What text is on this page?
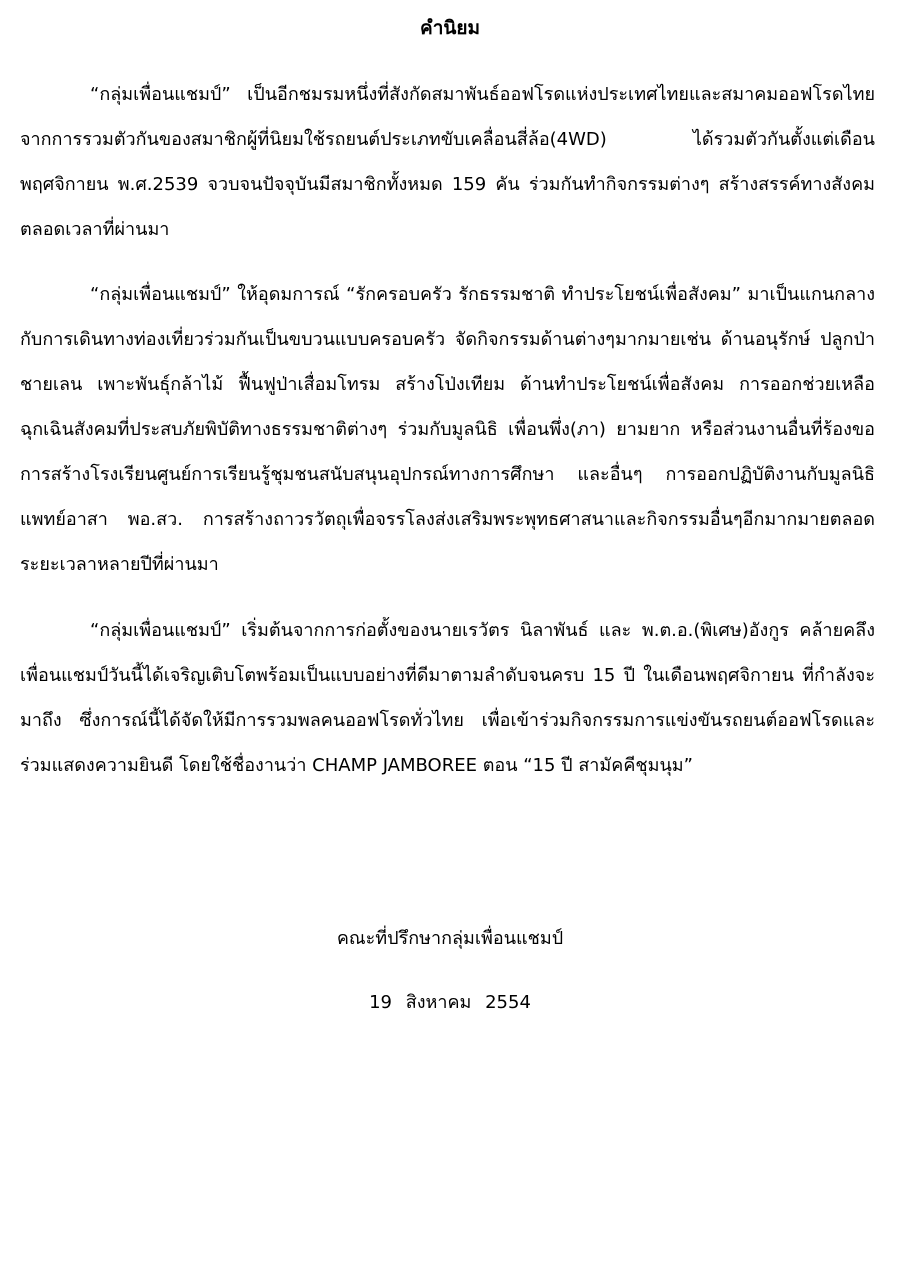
คำนิยม

“กลุ่มเพื่อนแชมป์” เป็นอีกชมรมหนึ่งที่สังกัดสมาพันธ์ออฟโรดแห่งประเทศไทยและสมาคมออฟโรดไทย จากการรวมตัวกันของสมาชิกผู้ที่นิยมใช้รถยนต์ประเภทขับเคลื่อนสี่ล้อ(4WD) ได้รวมตัวกันตั้งแต่เดือนพฤศจิกายน พ.ศ.2539 จวบจนปัจจุบันมีสมาชิกทั้งหมด 159 คัน ร่วมกันทำกิจกรรมต่างๆ สร้างสรรค์ทางสังคมตลอดเวลาที่ผ่านมา

“กลุ่มเพื่อนแชมป์” ให้อุดมการณ์ “รักครอบครัว รักธรรมชาติ ทำประโยชน์เพื่อสังคม” มาเป็นแกนกลาง กับการเดินทางท่องเที่ยวร่วมกันเป็นขบวนแบบครอบครัว จัดกิจกรรมด้านต่างๆมากมายเช่น ด้านอนุรักษ์ ปลูกป่าชายเลน เพาะพันธุ์กล้าไม้ ฟื้นฟูป่าเสื่อมโทรม สร้างโป่งเทียม ด้านทำประโยชน์เพื่อสังคม การออกช่วยเหลือฉุกเฉินสังคมที่ประสบภัยพิบัติทางธรรมชาติต่างๆ ร่วมกับมูลนิธิ เพื่อนพึ่ง(ภา) ยามยาก หรือส่วนงานอื่นที่ร้องขอ การสร้างโรงเรียนศูนย์การเรียนรู้ชุมชนสนับสนุนอุปกรณ์ทางการศึกษา และอื่นๆ การออกปฏิบัติงานกับมูลนิธิแพทย์อาสา พอ.สว. การสร้างถาวรวัตถุเพื่อจรรโลงส่งเสริมพระพุทธศาสนาและกิจกรรมอื่นๆอีกมากมายตลอดระยะเวลาหลายปีที่ผ่านมา

“กลุ่มเพื่อนแชมป์” เริ่มต้นจากการก่อตั้งของนายเรวัตร นิลาพันธ์ และ พ.ต.อ.(พิเศษ)อังกูร คล้ายคลึง เพื่อนแชมป์วันนี้ได้เจริญเติบโตพร้อมเป็นแบบอย่างที่ดีมาตามลำดับจนครบ 15 ปี ในเดือนพฤศจิกายน ที่กำลังจะมาถึง ซึ่งการณ์นี้ได้จัดให้มีการรวมพลคนออฟโรดทั่วไทย เพื่อเข้าร่วมกิจกรรมการแข่งขันรถยนต์ออฟโรดและร่วมแสดงความยินดี โดยใช้ชื่องานว่า CHAMP JAMBOREE ตอน “15 ปี สามัคคีชุมนุม”

คณะที่ปรึกษากลุ่มเพื่อนแชมป์

19 สิงหาคม 2554
